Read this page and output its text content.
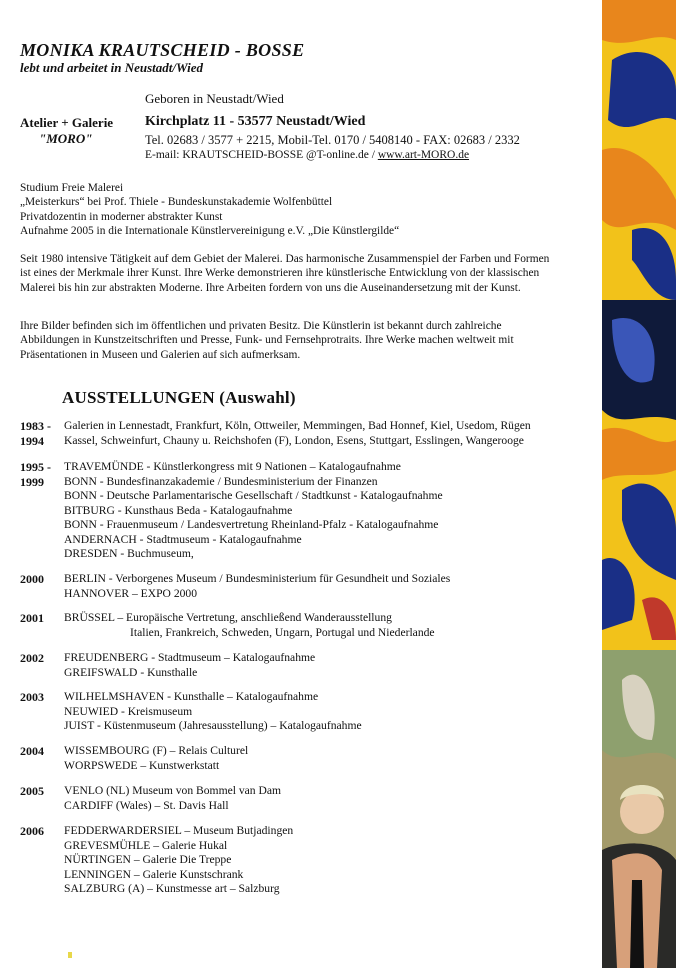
MONIKA KRAUTSCHEID - BOSSE
lebt und arbeitet in Neustadt/Wied
Geboren in Neustadt/Wied
Atelier + Galerie
"MORO"
Kirchplatz 11 - 53577 Neustadt/Wied
Tel. 02683 / 3577 + 2215, Mobil-Tel. 0170 / 5408140 - FAX: 02683 / 2332
E-mail: KRAUTSCHEID-BOSSE @T-online.de / www.art-MORO.de
Studium Freie Malerei
„Meisterkurs“ bei Prof. Thiele - Bundeskunstakademie Wolfenbüttel
Privatdozentin in moderner abstrakter Kunst
Aufnahme 2005 in die Internationale Künstlervereinigung e.V. „Die Künstlergilde“
Seit 1980 intensive Tätigkeit auf dem Gebiet der Malerei. Das harmonische Zusammenspiel der Farben und Formen ist eines der Merkmale ihrer Kunst. Ihre Werke demonstrieren ihre künstlerische Entwicklung von der klassischen Malerei bis hin zur abstrakten Moderne. Ihre Arbeiten fordern von uns die Auseinandersetzung mit der Kunst.
Ihre Bilder befinden sich im öffentlichen und privaten Besitz. Die Künstlerin ist bekannt durch zahlreiche Abbildungen in Kunstzeitschriften und Presse, Funk- und Fernsehprotraits. Ihre Werke machen weltweit mit Präsentationen in Museen und Galerien auf sich aufmerksam.
AUSSTELLUNGEN (Auswahl)
1983 -
1994
Galerien in Lennestadt, Frankfurt, Köln, Ottweiler, Memmingen, Bad Honnef, Kiel, Usedom, Rügen
Kassel, Schweinfurt, Chauny u. Reichshofen (F), London, Esens, Stuttgart, Esslingen, Wangerooge
1995 -
1999
TRAVEMÜNDE - Künstlerkongress mit 9 Nationen – Katalogaufnahme
BONN - Bundesfinanzakademie / Bundesministerium der Finanzen
BONN - Deutsche Parlamentarische Gesellschaft / Stadtkunst - Katalogaufnahme
BITBURG - Kunsthaus Beda - Katalogaufnahme
BONN - Frauenmuseum / Landesvertretung Rheinland-Pfalz - Katalogaufnahme
ANDERNACH - Stadtmuseum - Katalogaufnahme
DRESDEN - Buchmuseum,
2000 BERLIN - Verborgenes Museum / Bundesministerium für Gesundheit und Soziales
HANNOVER – EXPO 2000
2001 BRÜSSEL – Europäische Vertretung, anschließend Wanderausstellung
Italien, Frankreich, Schweden, Ungarn, Portugal und Niederlande
2002 FREUDENBERG - Stadtmuseum – Katalogaufnahme
GREIFSWALD - Kunsthalle
2003 WILHELMSHAVEN - Kunsthalle – Katalogaufnahme
NEUWIED - Kreismuseum
JUIST - Küstenmuseum (Jahresausstellung) – Katalogaufnahme
2004 WISSEMBOURG (F) – Relais Culturel
WORPSWEDE – Kunstwerkstatt
2005 VENLO (NL) Museum von Bommel van Dam
CARDIFF (Wales) – St. Davis Hall
2006 FEDDERWARDERSIEL – Museum Butjadingen
GREVESMÜHLE – Galerie Hukal
NÜRTINGEN – Galerie Die Treppe
LENNINGEN – Galerie Kunstschrank
SALZBURG (A) – Kunstmesse art – Salzburg
